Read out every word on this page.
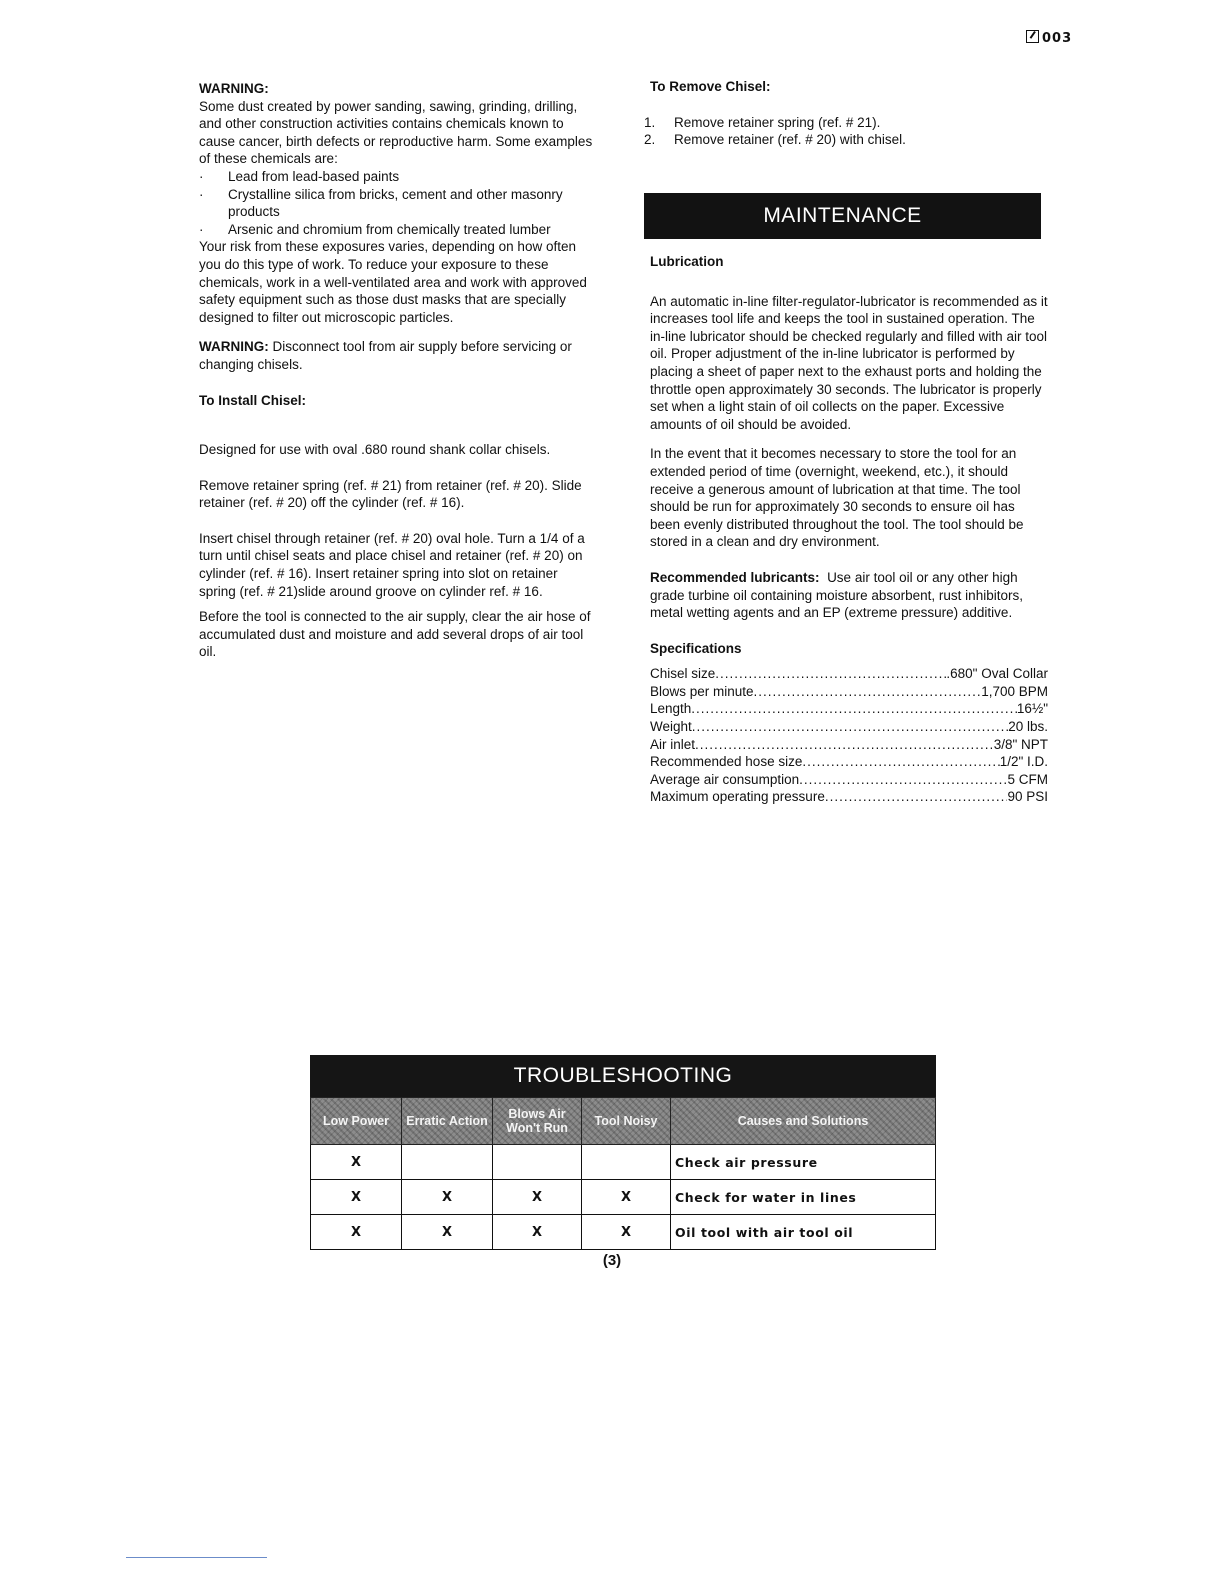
003

WARNING:

Some dust created by power sanding, sawing, grinding, drilling, and other construction activities contains chemicals known to cause cancer, birth defects or reproductive harm. Some examples of these chemicals are:

· Lead from lead-based paints
· Crystalline silica from bricks, cement and other masonry products
· Arsenic and chromium from chemically treated lumber

Your risk from these exposures varies, depending on how often you do this type of work. To reduce your exposure to these chemicals, work in a well-ventilated area and work with approved safety equipment such as those dust masks that are specially designed to filter out microscopic particles.

WARNING: Disconnect tool from air supply before servicing or changing chisels.

To Install Chisel:

Designed for use with oval .680 round shank collar chisels.

Remove retainer spring (ref. # 21) from retainer (ref. # 20). Slide retainer (ref. # 20) off the cylinder (ref. # 16).

Insert chisel through retainer (ref. # 20) oval hole. Turn a 1/4 of a turn until chisel seats and place chisel and retainer (ref. # 20) on cylinder (ref. # 16). Insert retainer spring into slot on retainer spring (ref. # 21)slide around groove on cylinder ref. # 16.

Before the tool is connected to the air supply, clear the air hose of accumulated dust and moisture and add several drops of air tool oil.

To Remove Chisel:

1. Remove retainer spring (ref. # 21).
2. Remove retainer (ref. # 20) with chisel.
MAINTENANCE

Lubrication

An automatic in-line filter-regulator-lubricator is recommended as it increases tool life and keeps the tool in sustained operation. The in-line lubricator should be checked regularly and filled with air tool oil. Proper adjustment of the in-line lubricator is performed by placing a sheet of paper next to the exhaust ports and holding the throttle open approximately 30 seconds. The lubricator is properly set when a light stain of oil collects on the paper. Excessive amounts of oil should be avoided.

In the event that it becomes necessary to store the tool for an extended period of time (overnight, weekend, etc.), it should receive a generous amount of lubrication at that time. The tool should be run for approximately 30 seconds to ensure oil has been evenly distributed throughout the tool. The tool should be stored in a clean and dry environment.

Recommended lubricants: Use air tool oil or any other high grade turbine oil containing moisture absorbent, rust inhibitors, metal wetting agents and an EP (extreme pressure) additive.

Specifications

Chisel size .....	.680" Oval Collar
Blows per minute .....	1,700 BPM
Length .....	16½"
Weight .....	20 lbs.
Air inlet .....	3/8" NPT
Recommended hose size .....	1/2" I.D.
Average air consumption .....	5 CFM
Maximum operating pressure .....	90 PSI
TROUBLESHOOTING
Low Power	Erratic Action	Blows Air Won't Run	Tool Noisy	Causes and Solutions
X				Check air pressure
X	X	X	X	Check for water in lines
X	X	X	X	Oil tool with air tool oil
(3)
